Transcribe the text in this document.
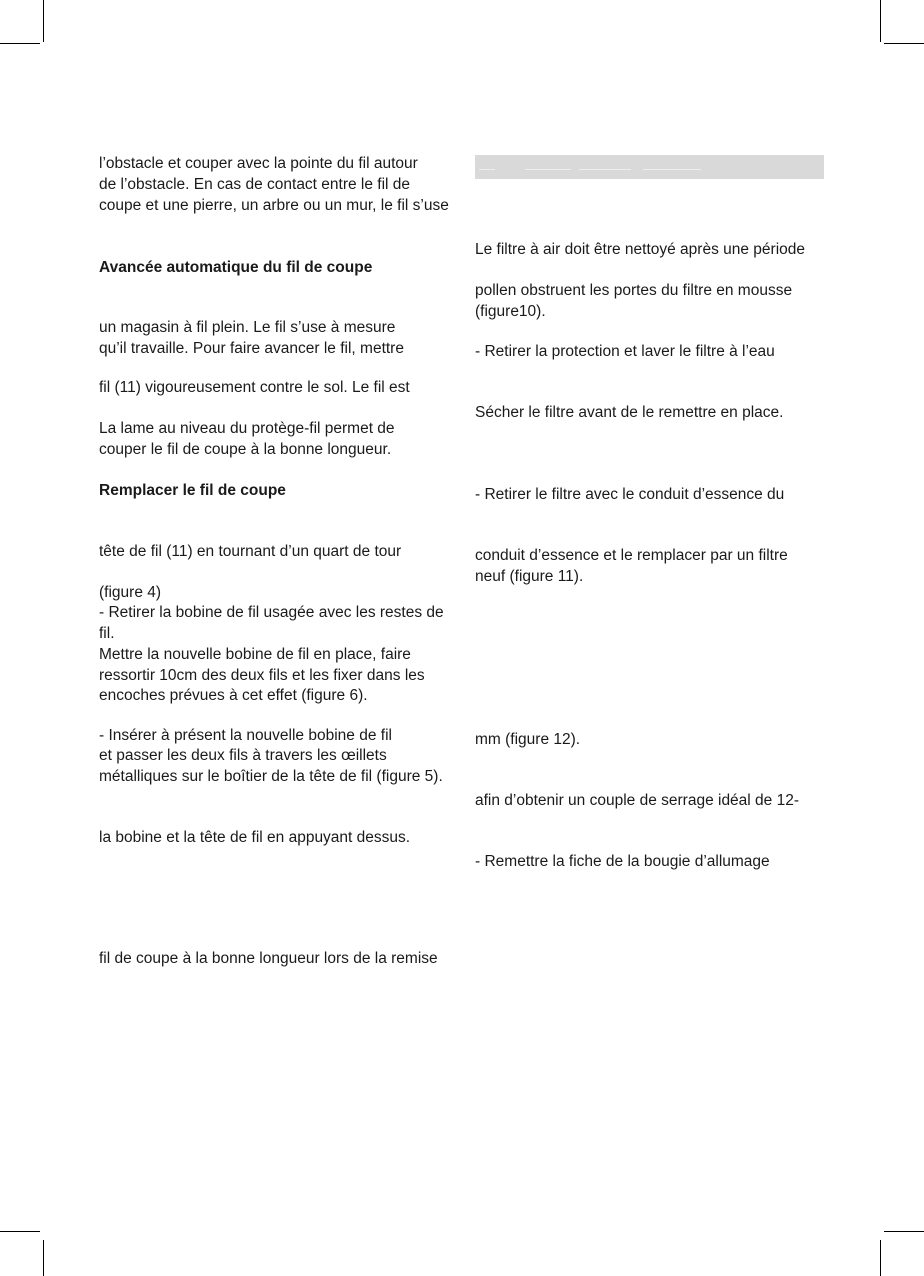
l’obstacle et couper avec la pointe du fil autour
de l’obstacle. En cas de contact entre le fil de
coupe et une pierre, un arbre ou un mur, le fil s’use
Avancée automatique du fil de coupe
un magasin à fil plein. Le fil s’use à mesure
qu’il travaille. Pour faire avancer le fil, mettre
fil (11) vigoureusement contre le sol. Le fil est
La lame au niveau du protège-fil permet de
couper le fil de coupe à la bonne longueur.
Remplacer le fil de coupe
tête de fil (11) en tournant d’un quart de tour
(figure 4)
- Retirer la bobine de fil usagée avec les restes de
fil.
Mettre la nouvelle bobine de fil en place, faire
ressortir 10cm des deux fils et les fixer dans les
encoches prévues à cet effet (figure 6).
- Insérer à présent la nouvelle bobine de fil
et passer les deux fils à travers les œillets
métalliques sur le boîtier de la tête de fil (figure 5).
la bobine et la tête de fil en appuyant dessus.
fil de coupe à la bonne longueur lors de la remise
Le filtre à air doit être nettoyé après une période
pollen obstruent les portes du filtre en mousse
(figure10).
- Retirer la protection et laver le filtre à l’eau
Sécher le filtre avant de le remettre en place.
- Retirer le filtre avec le conduit d’essence du
conduit d’essence et le remplacer par un filtre
neuf (figure 11).
mm (figure 12).
afin d’obtenir un couple de serrage idéal de 12-
- Remettre la fiche de la bougie d’allumage
